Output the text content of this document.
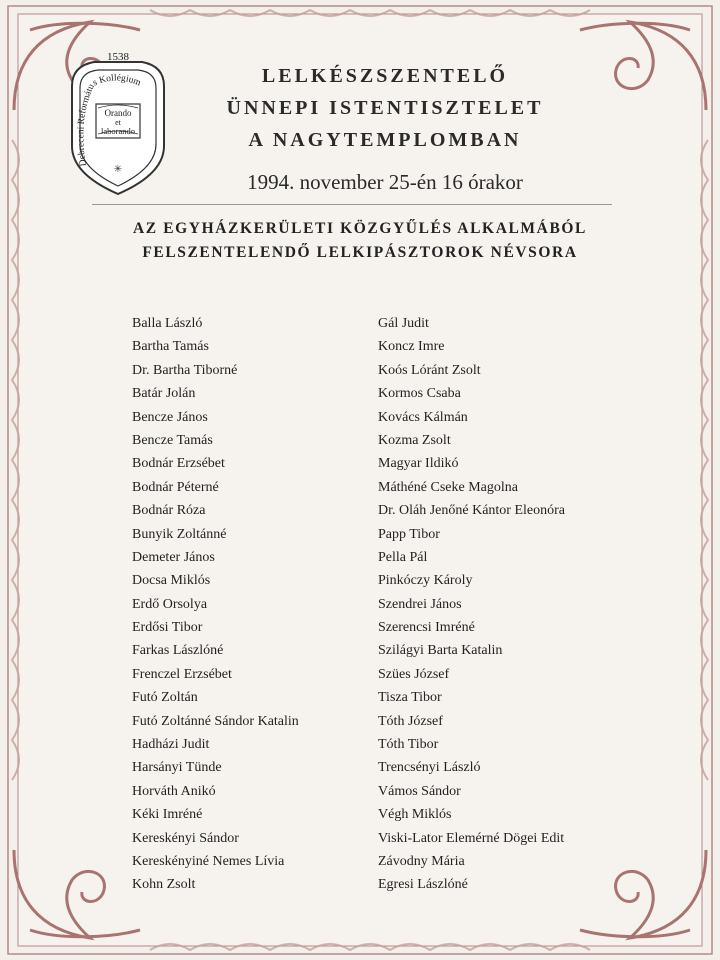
1538
Orando
et
laborando
Debreceni Református Kollégium
✳
LELKÉSZSZENTELŐ
ÜNNEPI ISTENTISZTELET
A NAGYTEMPLOMBAN
1994. november 25-én 16 órakor
AZ EGYHÁZKERÜLETI KÖZGYŰLÉS ALKALMÁBÓL
FELSZENTELENDŐ LELKIPÁSZTOROK NÉVSORA
Balla László
Bartha Tamás
Dr. Bartha Tiborné
Batár Jolán
Bencze János
Bencze Tamás
Bodnár Erzsébet
Bodnár Péterné
Bodnár Róza
Bunyik Zoltánné
Demeter János
Docsa Miklós
Erdő Orsolya
Erdősi Tibor
Farkas Lászlóné
Frenczel Erzsébet
Futó Zoltán
Futó Zoltánné Sándor Katalin
Hadházi Judit
Harsányi Tünde
Horváth Anikó
Kéki Imréné
Kereskényi Sándor
Kereskényiné Nemes Lívia
Kohn Zsolt
Gál Judit
Koncz Imre
Koós Lóránt Zsolt
Kormos Csaba
Kovács Kálmán
Kozma Zsolt
Magyar Ildikó
Máthéné Cseke Magolna
Dr. Oláh Jenőné Kántor Eleonóra
Papp Tibor
Pella Pál
Pinkóczy Károly
Szendrei János
Szerencsi Imréné
Szilágyi Barta Katalin
Szües József
Tisza Tibor
Tóth József
Tóth Tibor
Trencsényi László
Vámos Sándor
Végh Miklós
Viski-Lator Elemérné Dögei Edit
Závodny Mária
Egresi Lászlóné
